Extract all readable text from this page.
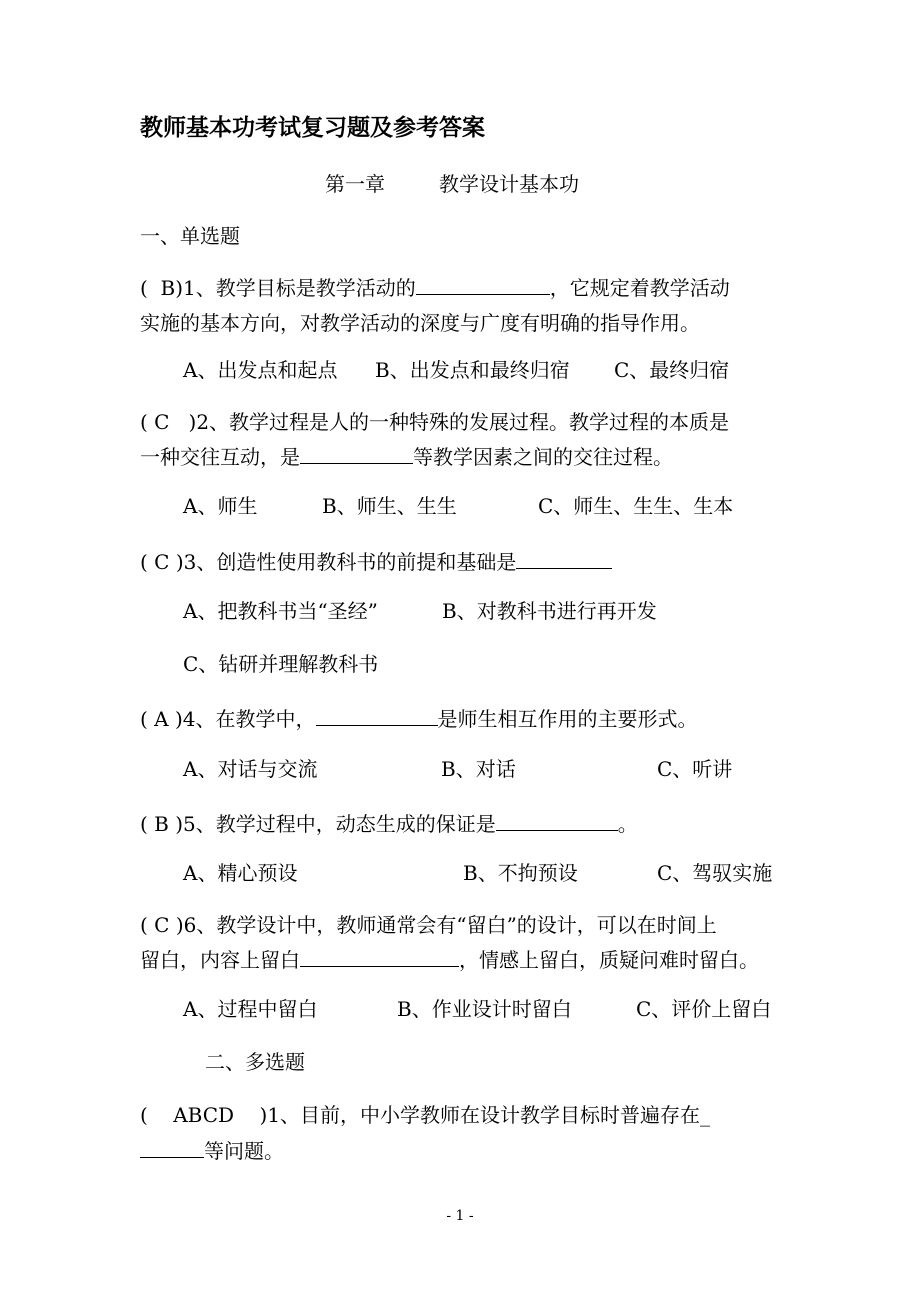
教师基本功考试复习题及参考答案
第一章	教学设计基本功
一、单选题
(  B)1、教学目标是教学活动的	，它规定着教学活动
实施的基本方向，对教学活动的深度与广度有明确的指导作用。
A、出发点和起点 B、出发点和最终归宿 C、最终归宿
( C   )2、教学过程是人的一种特殊的发展过程。教学过程的本质是
一种交往互动，是	等教学因素之间的交往过程。
A、师生	B、师生、生生	C、师生、生生、生本
( C )3、创造性使用教科书的前提和基础是
A、把教科书当“圣经”	B、对教科书进行再开发
C、钻研并理解教科书
( A )4、在教学中，	是师生相互作用的主要形式。
A、对话与交流	B、对话	C、听讲
( B )5、教学过程中，动态生成的保证是	。
A、精心预设	B、不拘预设	C、驾驭实施
( C )6、教学设计中，教师通常会有“留白”的设计，可以在时间上
留白，内容上留白	，情感上留白，质疑问难时留白。
A、过程中留白	B、作业设计时留白	C、评价上留白
二、多选题
(    ABCD    )1、目前，中小学教师在设计教学目标时普遍存在_
等问题。
- 1 -
